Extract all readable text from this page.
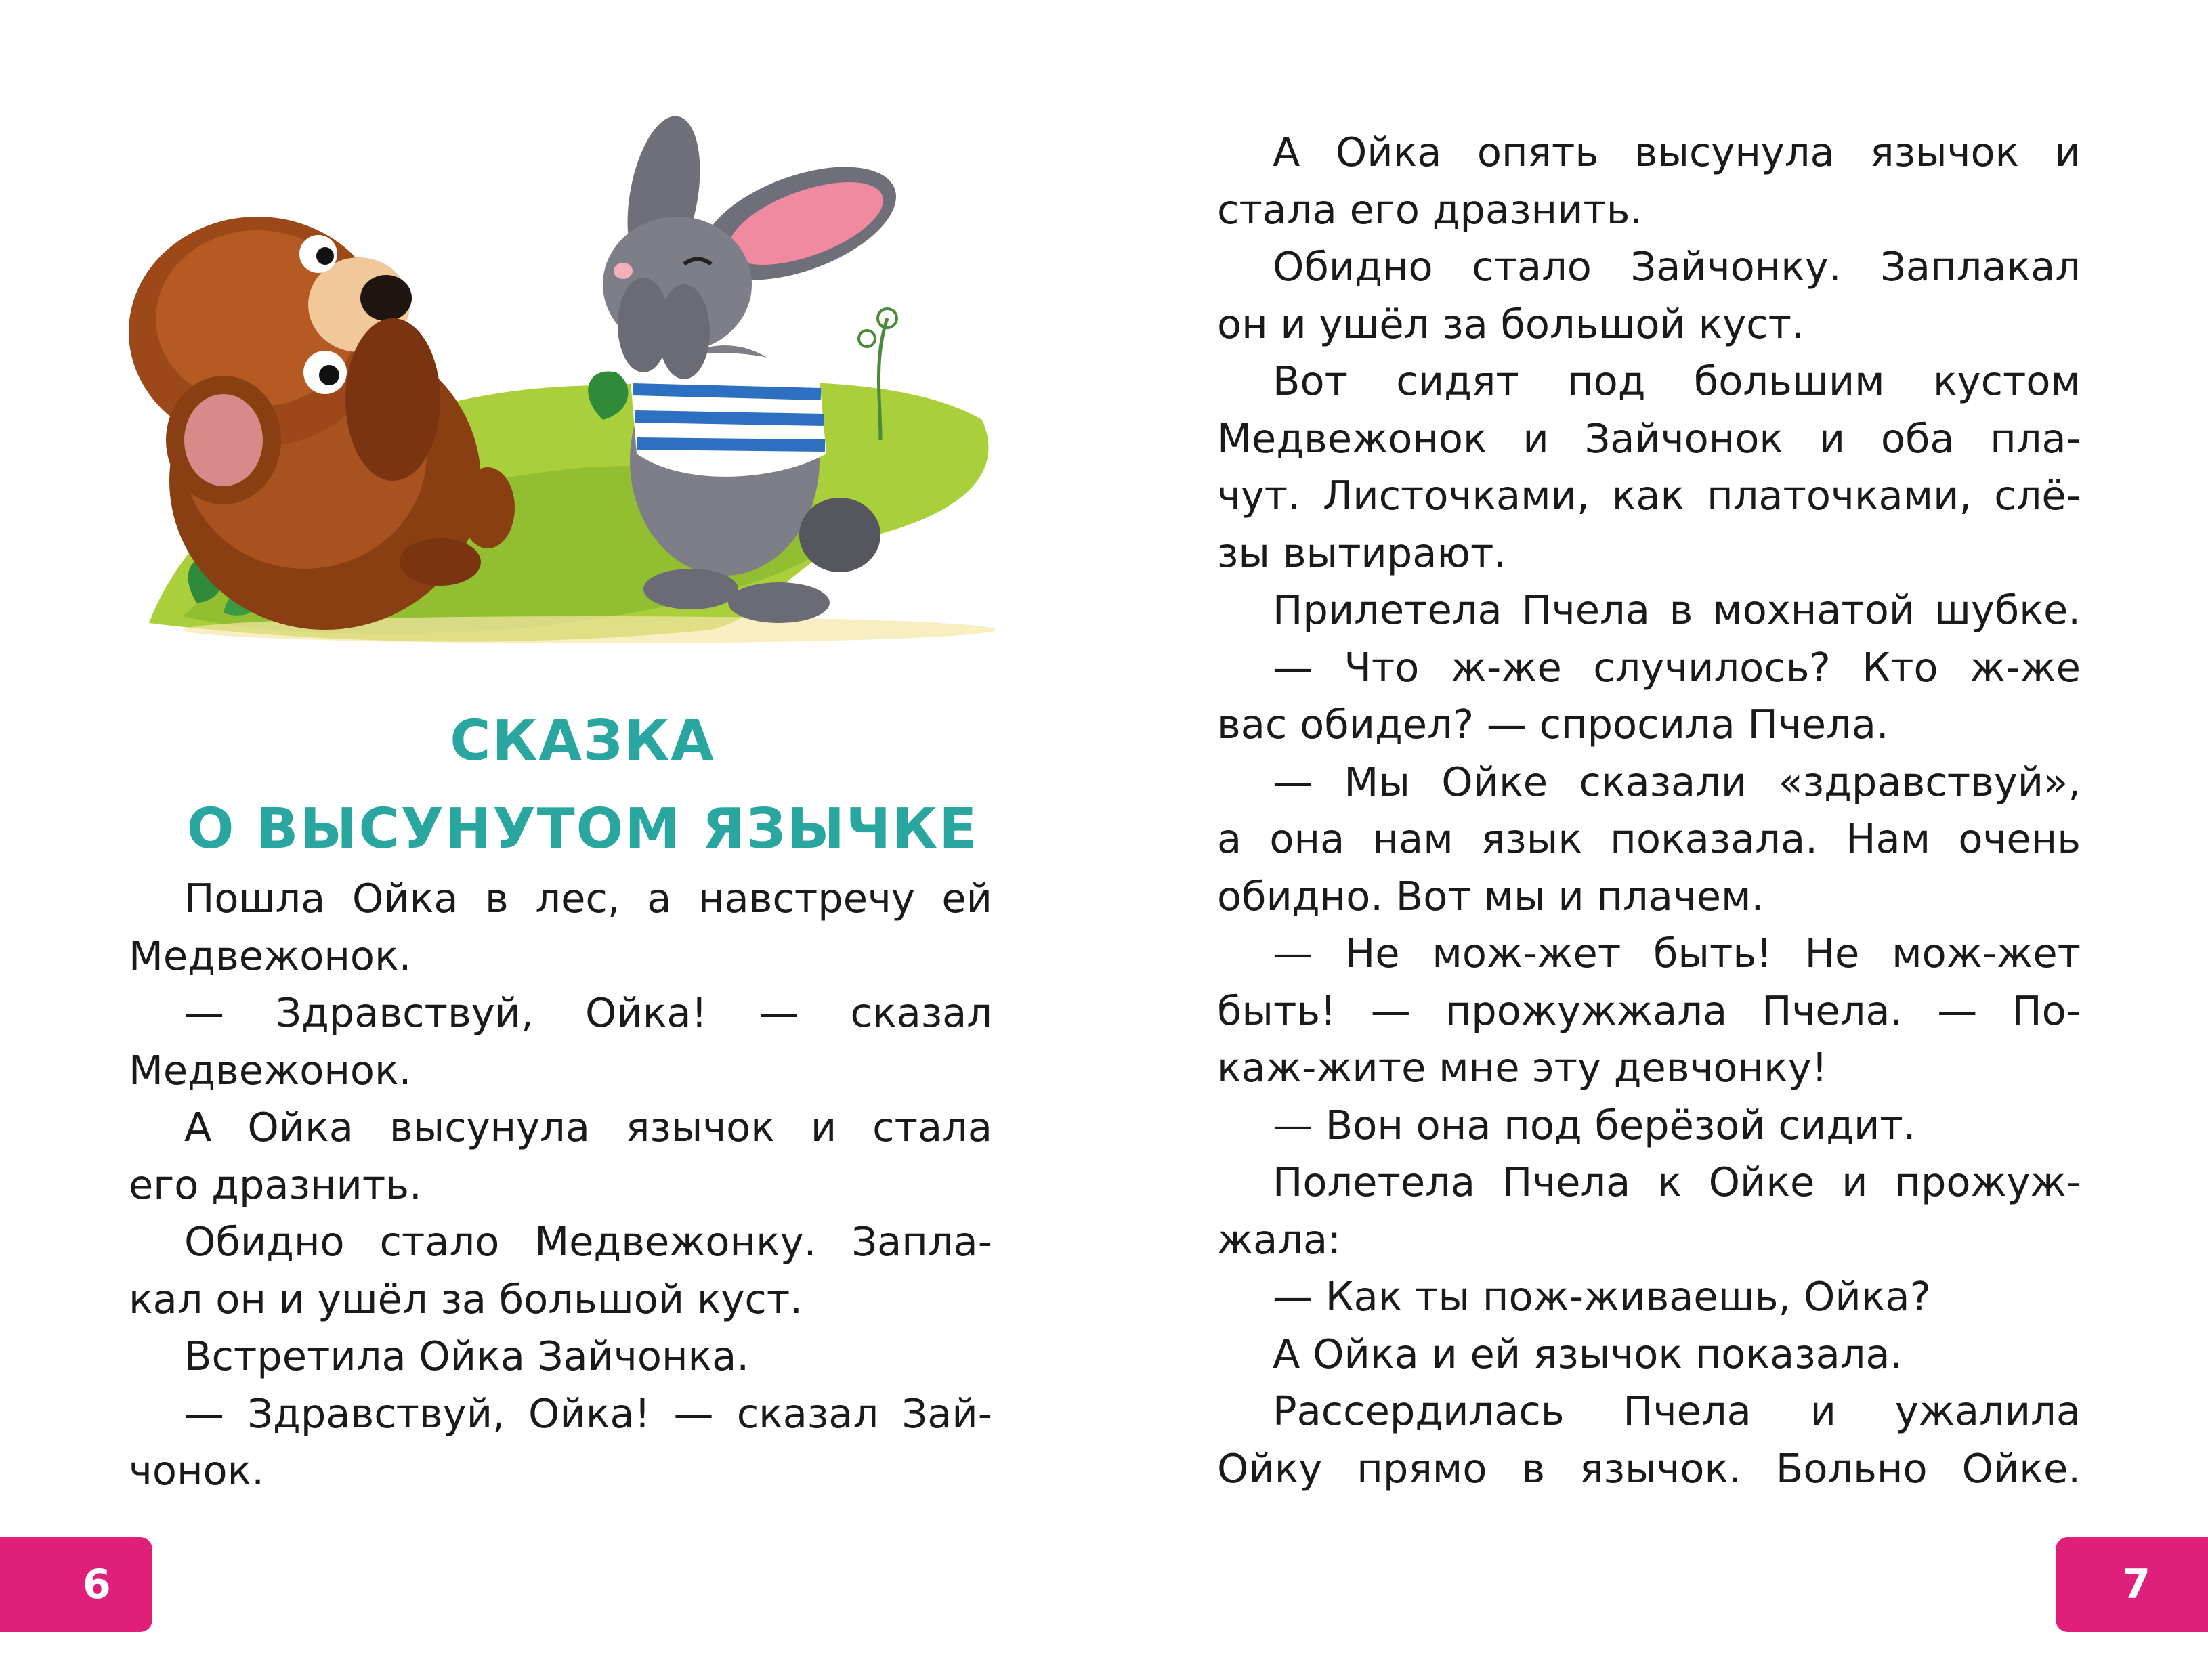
СКАЗКА
О ВЫСУНУТОМ ЯЗЫЧКЕ
Пошла Ойка в лес, а навстречу ей
Медвежонок.
— Здравствуй, Ойка! — сказал
Медвежонок.
А Ойка высунула язычок и стала
его дразнить.
Обидно стало Медвежонку. Запла-
кал он и ушёл за большой куст.
Встретила Ойка Зайчонка.
— Здравствуй, Ойка! — сказал Зай-
чонок.
6
А Ойка опять высунула язычок и
стала его дразнить.
Обидно стало Зайчонку. Заплакал
он и ушёл за большой куст.
Вот сидят под большим кустом
Медвежонок и Зайчонок и оба пла-
чут. Листочками, как платочками, слё-
зы вытирают.
Прилетела Пчела в мохнатой шубке.
— Что ж-же случилось? Кто ж-же
вас обидел? — спросила Пчела.
— Мы Ойке сказали «здравствуй»,
а она нам язык показала. Нам очень
обидно. Вот мы и плачем.
— Не мож-жет быть! Не мож-жет
быть! — прожужжала Пчела. — По-
каж-жите мне эту девчонку!
— Вон она под берёзой сидит.
Полетела Пчела к Ойке и прожуж-
жала:
— Как ты пож-живаешь, Ойка?
А Ойка и ей язычок показала.
Рассердилась Пчела и ужалила
Ойку прямо в язычок. Больно Ойке.
7
